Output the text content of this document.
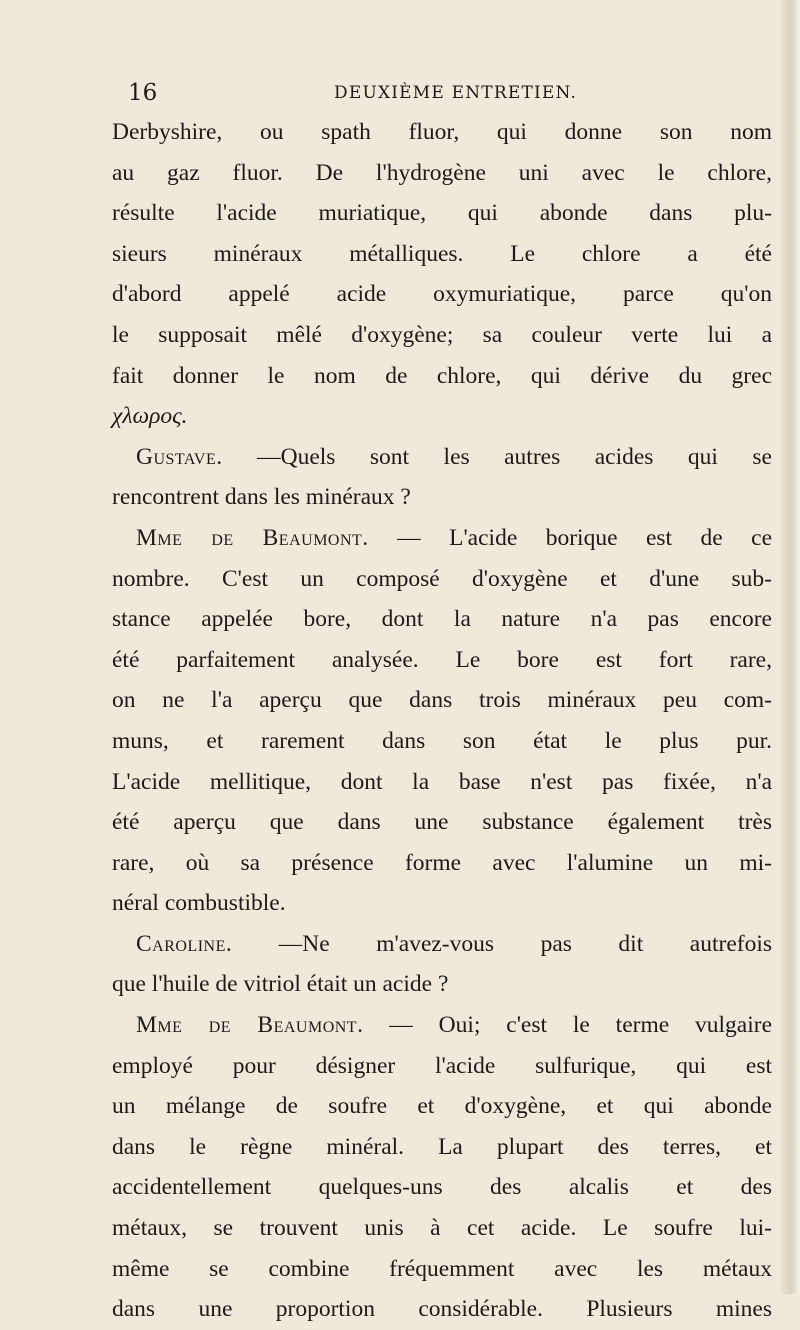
16	DEUXIÈME ENTRETIEN.
Derbyshire, ou spath fluor, qui donne son nom
au gaz fluor. De l'hydrogène uni avec le chlore,
résulte l'acide muriatique, qui abonde dans plu-
sieurs minéraux métalliques. Le chlore a été
d'abord appelé acide oxymuriatique, parce qu'on
le supposait mêlé d'oxygène; sa couleur verte lui a
fait donner le nom de chlore, qui dérive du grec
χλωρος.
Gustave. —Quels sont les autres acides qui se
rencontrent dans les minéraux ?
Mme de Beaumont. — L'acide borique est de ce
nombre. C'est un composé d'oxygène et d'une sub-
stance appelée bore, dont la nature n'a pas encore
été parfaitement analysée. Le bore est fort rare,
on ne l'a aperçu que dans trois minéraux peu com-
muns, et rarement dans son état le plus pur.
L'acide mellitique, dont la base n'est pas fixée, n'a
été aperçu que dans une substance également très
rare, où sa présence forme avec l'alumine un mi-
néral combustible.
Caroline. —Ne m'avez-vous pas dit autrefois
que l'huile de vitriol était un acide ?
Mme de Beaumont. — Oui; c'est le terme vulgaire
employé pour désigner l'acide sulfurique, qui est
un mélange de soufre et d'oxygène, et qui abonde
dans le règne minéral. La plupart des terres, et
accidentellement quelques-uns des alcalis et des
métaux, se trouvent unis à cet acide. Le soufre lui-
même se combine fréquemment avec les métaux
dans une proportion considérable. Plusieurs mines
